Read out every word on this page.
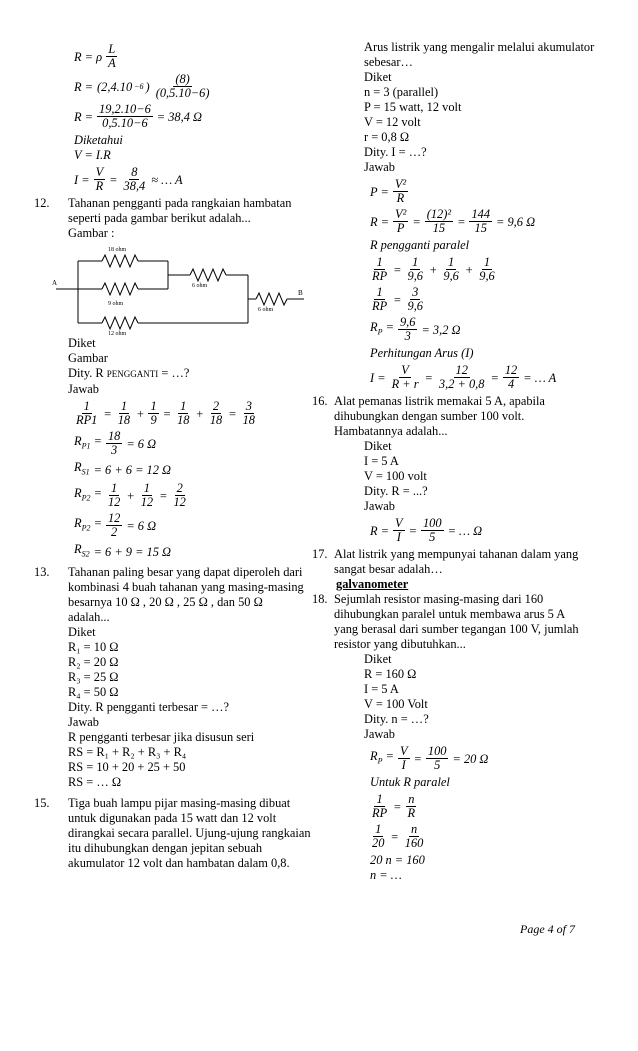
R = ρ $\frac{L}{A}$
R = (2,4.10 −6 ) $\frac{(8)}{(0,5.10-6)}$
$R = \frac{19,2.10-6}{0,5.10-6} = 38,4$ Ω
Diketahui
V = I.R
$I = \frac{V}{R} = \frac{8}{38,4}$ ≈ … A
12. Tahanan pengganti pada rangkaian hambatan
seperti pada gambar berikut adalah...
Gambar :
18 ohm
9 ohm
6 ohm
12 ohm
6 ohm
A
B
Diket
Gambar
Dity. R PENGGANTI = …?
Jawab
$\frac{1}{RP1} = \frac{1}{18} + \frac{1}{9} = \frac{1}{18} + \frac{2}{18} = \frac{3}{18}$
$R_{P1} = \frac{18}{3} = 6$ Ω
$R_{S1} = 6 + 6 = 12$ Ω
$R_{P2} = \frac{1}{12} + \frac{1}{12} = \frac{2}{12}$
$R_{P2} = \frac{12}{2} = 6$ Ω
$R_{S2} = 6 + 9 = 15$ Ω
13. Tahanan paling besar yang dapat diperoleh dari
kombinasi 4 buah tahanan yang masing-masing
besarnya 10 Ω , 20 Ω , 25 Ω , dan 50 Ω
adalah...
Diket
R₁ = 10 Ω
R₂ = 20 Ω
R₃ = 25 Ω
R₄ = 50 Ω
Dity. R pengganti terbesar = …?
Jawab
R pengganti terbesar jika disusun seri
RS = R₁ + R₂ + R₃ + R₄
RS = 10 + 20 + 25 + 50
RS = … Ω
15. Tiga buah lampu pijar masing-masing dibuat
untuk digunakan pada 15 watt dan 12 volt
dirangkai secara parallel. Ujung-ujung rangkaian
itu dihubungkan dengan jepitan sebuah
akumulator 12 volt dan hambatan dalam 0,8.
Arus listrik yang mengalir melalui akumulator
sebesar…
Diket
n = 3 (parallel)
P = 15 watt, 12 volt
V = 12 volt
r = 0,8 Ω
Dity. I = …?
Jawab
$P = \frac{\text{V²}}{R}$
$R = \frac{\text{V²}}{P} = \frac{\text{(12)²}}{15} = \frac{144}{15} = 9,6$ Ω
R pengganti paralel
$\frac{1}{RP} = \frac{1}{9,6} + \frac{1}{9,6} + \frac{1}{9,6}$
$\frac{1}{RP} = \frac{3}{9,6}$
$R_P = \frac{9,6}{3} = 3,2$ Ω
Perhitungan Arus (I)
$I = \frac{V}{R + r} = \frac{12}{3,2 + 0,8} = \frac{12}{4}$ = … A
16. Alat pemanas listrik memakai 5 A, apabila
dihubungkan dengan sumber 100 volt.
Hambatannya adalah...
Diket
I = 5 A
V = 100 volt
Dity. R = ...?
Jawab
$R = \frac{V}{I} = \frac{100}{5}$ = … Ω
17. Alat listrik yang mempunyai tahanan dalam yang
sangat besar adalah…
galvanometer
18. Sejumlah resistor masing-masing dari 160
dihubungkan paralel untuk membawa arus 5 A
yang berasal dari sumber tegangan 100 V, jumlah
resistor yang dibutuhkan...
Diket
R = 160 Ω
I = 5 A
V = 100 Volt
Dity. n = …?
Jawab
$R_P = \frac{V}{I} = \frac{100}{5} = 20$ Ω
Untuk R paralel
$\frac{1}{RP} = \frac{n}{R}$
$\frac{1}{20} = \frac{n}{160}$
20 n = 160
n = …
Page 4 of 7
